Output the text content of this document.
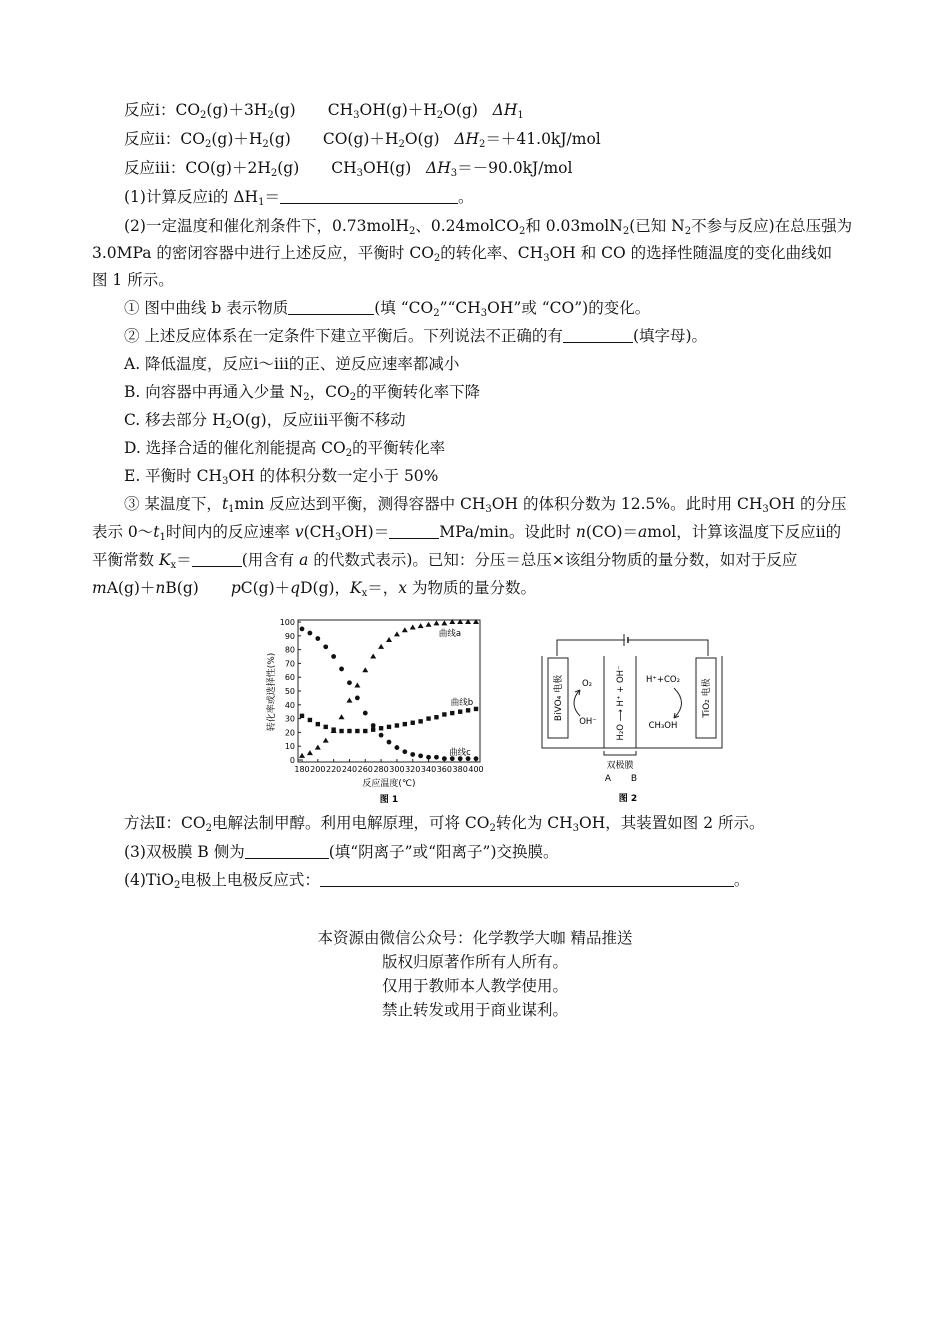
反应ⅰ：$CO_2(g)+3H_2(g)$ $CH_3OH(g)+H_2O(g)$ $\Delta H_1$
反应ⅱ：$CO_2(g)+H_2(g)$ $CO(g)+H_2O(g)$ $\Delta H_2=+41.0kJ$/mol
反应ⅲ：$CO(g)+2H_2(g)$ $CH_3OH(g)$ $\Delta H_3=-90.0kJ$/mol
(1)计算反应ⅰ的 $\Delta H_1=$	。
(2)一定温度和催化剂条件下，0.73molH$_2$、0.24molCO$_2$和 0.03molN$_2$(已知 $N_2$不参与反应)在总压强为
3.0MPa 的密闭容器中进行上述反应，平衡时 $CO_2$的转化率、$CH_3OH$ 和 CO 的选择性随温度的变化曲线如
图 1 所示。
① 图中曲线 b 表示物质	(填 “$CO_2”“CH_3OH$”或 “CO”)的变化。
② 上述反应体系在一定条件下建立平衡后。下列说法不正确的有	(填字母)。
A. 降低温度，反应ⅰ～ⅲ的正、逆反应速率都减小
B. 向容器中再通入少量 $N_2$，$CO_2$的平衡转化率下降
C. 移去部分 $H_2O(g)$，反应ⅲ平衡不移动
D. 选择合适的催化剂能提高 $CO_2$的平衡转化率
E. 平衡时 $CH_3OH$ 的体积分数一定小于 50%
③ 某温度下，$t_1\min$ 反应达到平衡，测得容器中 $CH_3OH$ 的体积分数为 12.5%。此时用 $CH_3OH$ 的分压
表示 $0\sim t_1$时间内的反应速率 $v(CH_3OH)=$	MPa/min。设此时 n(CO)＝amol，计算该温度下反应ⅱ的
平衡常数 $K_x=$	(用含有 a 的代数式表示)。已知：分压＝总压×该组分物质的量分数，如对于反应
mA(g)＋nB(g) pC(g)＋qD(g)，$K_x=$，x 为物质的量分数。
转化率或选择性(%)
100
90
80
70
60
50
40
30
20
10
0
180 200 220 240 260 280 300 320 340 360 380 400
曲线a
曲线b
曲线c
反应温度(℃)
图 1
BiVO₄ 电极	TiO₂ 电极
H₂O ⟶ H⁺ + OH⁻
O₂
OH⁻
H⁺+CO₂
CH₃OH
双极膜
A B
图 2
方法Ⅱ：$CO_2$电解法制甲醇。利用电解原理，可将 $CO_2$转化为 $CH_3OH$，其装置如图 2 所示。
(3)双极膜 B 侧为	(填“阴离子”或“阳离子”)交换膜。
(4)TiO$_2$电极上电极反应式：	。
本资源由微信公众号：化学教学大咖 精品推送
版权归原著作所有人所有。
仅用于教师本人教学使用。
禁止转发或用于商业谋利。
